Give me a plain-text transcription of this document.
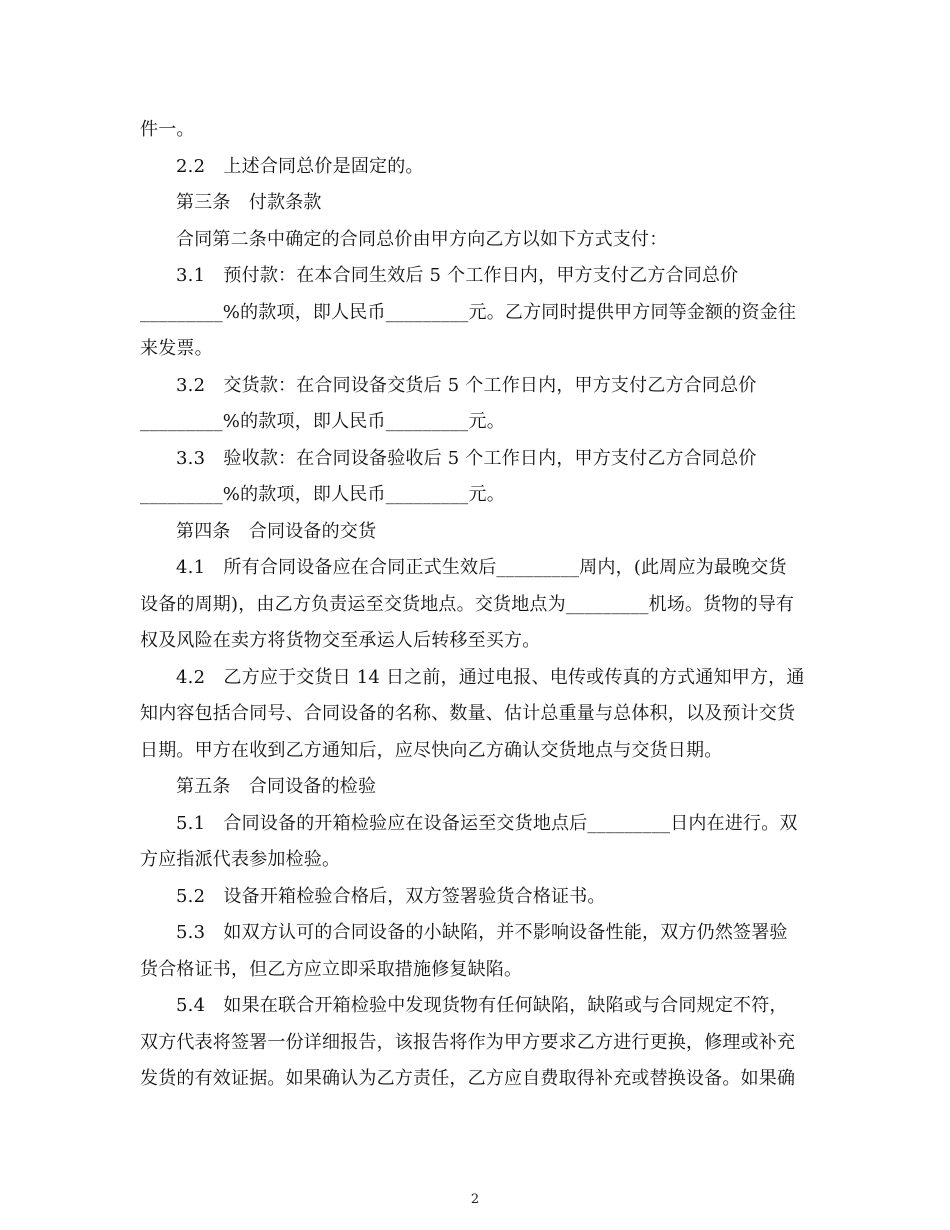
件一。
2.2　上述合同总价是固定的。
第三条　付款条款
合同第二条中确定的合同总价由甲方向乙方以如下方式支付：
3.1　预付款：在本合同生效后 5 个工作日内，甲方支付乙方合同总价
_________%的款项，即人民币_________元。乙方同时提供甲方同等金额的资金往
来发票。
3.2　交货款：在合同设备交货后 5 个工作日内，甲方支付乙方合同总价
_________%的款项，即人民币_________元。
3.3　验收款：在合同设备验收后 5 个工作日内，甲方支付乙方合同总价
_________%的款项，即人民币_________元。
第四条　合同设备的交货
4.1　所有合同设备应在合同正式生效后_________周内，(此周应为最晚交货
设备的周期)，由乙方负责运至交货地点。交货地点为_________机场。货物的导有
权及风险在卖方将货物交至承运人后转移至买方。
4.2　乙方应于交货日 14 日之前，通过电报、电传或传真的方式通知甲方，通
知内容包括合同号、合同设备的名称、数量、估计总重量与总体积，以及预计交货
日期。甲方在收到乙方通知后，应尽快向乙方确认交货地点与交货日期。
第五条　合同设备的检验
5.1　合同设备的开箱检验应在设备运至交货地点后_________日内在进行。双
方应指派代表参加检验。
5.2　设备开箱检验合格后，双方签署验货合格证书。
5.3　如双方认可的合同设备的小缺陷，并不影响设备性能，双方仍然签署验
货合格证书，但乙方应立即采取措施修复缺陷。
5.4　如果在联合开箱检验中发现货物有任何缺陷，缺陷或与合同规定不符，
双方代表将签署一份详细报告，该报告将作为甲方要求乙方进行更换，修理或补充
发货的有效证据。如果确认为乙方责任，乙方应自费取得补充或替换设备。如果确
2
